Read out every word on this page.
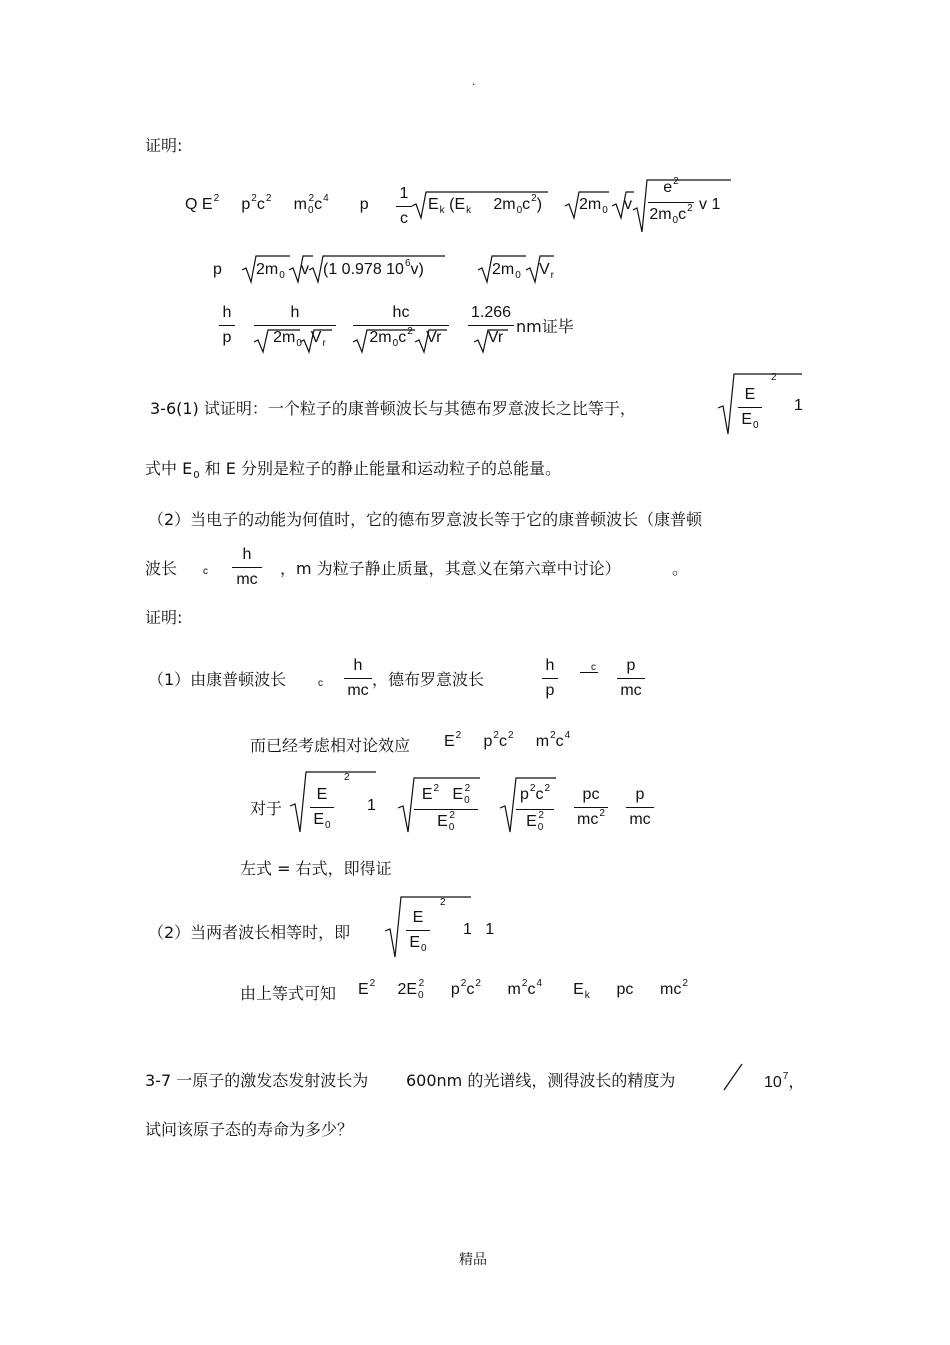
.
证明:
Q $E^2$ $p^2c^2$ $m_0^2c^4$ p
1
c
$E_k$ ($E_k$ $2m_0c^2$) $2m_0$ v
$e^2$
$2m_0c^2$ v 1
p $2m_0$ v (1 0.978 $10^6v$)	$2m_0$ $V_r$
h
p
h
$2m_0$ $V_r$
hc
$2m_0c^2$ Vr
1.266
Vr
nm证毕
3-6(1) 试证明：一个粒子的康普顿波长与其德布罗意波长之比等于，
E
$E_0$
2
1
式中 $E_0$ 和 E 分别是粒子的静止能量和运动粒子的总能量。
（2）当电子的动能为何值时，它的德布罗意波长等于它的康普顿波长（康普顿
波长	c
h
mc
，m 为粒子静止质量，其意义在第六章中讨论）	。
证明:
（1）由康普顿波长	c
h
mc
，德布罗意波长
h
p
c	p
mc
而已经考虑相对论效应 $E^2$ $p^2c^2$ $m^2c^4$
对于
E
$E_0$
2
1
$E^2$ $E_0^2$
$E_0^2$
$p^2c^2$
$E_0^2$
pc
$mc^2$
p
mc
左式 = 右式，即得证
（2）当两者波长相等时，即
E
$E_0$
2
1   1
由上等式可知 $E^2$ $2E_0^2$ $p^2c^2$ $m^2c^4$ $E_k$ pc $mc^2$
3-7 一原子的激发态发射波长为 600nm 的光谱线，测得波长的精度为	$10^7$，
试问该原子态的寿命为多少？
精品
